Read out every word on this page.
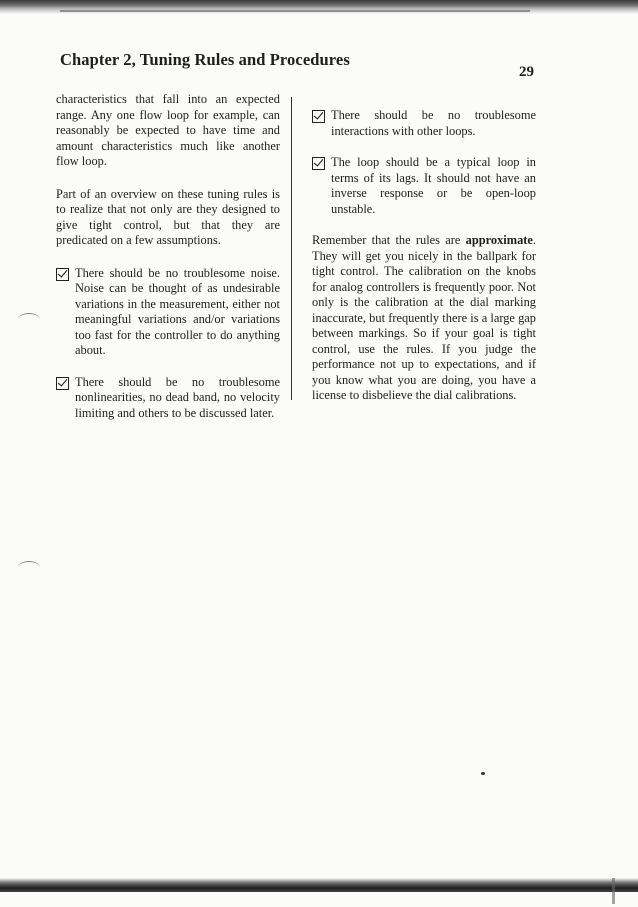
Chapter 2, Tuning Rules and Procedures
29

characteristics that fall into an expected range. Any one flow loop for example, can reasonably be expected to have time and amount characteristics much like another flow loop.

Part of an overview on these tuning rules is to realize that not only are they designed to give tight control, but that they are predicated on a few assumptions.

There should be no troublesome noise. Noise can be thought of as undesirable variations in the measurement, either not meaningful variations and/or variations too fast for the controller to do anything about.
There should be no troublesome nonlinearities, no dead band, no velocity limiting and others to be discussed later.
There should be no troublesome interactions with other loops.
The loop should be a typical loop in terms of its lags. It should not have an inverse response or be open-loop unstable.

Remember that the rules are approximate. They will get you nicely in the ballpark for tight control. The calibration on the knobs for analog controllers is frequently poor. Not only is the calibration at the dial marking inaccurate, but frequently there is a large gap between markings. So if your goal is tight control, use the rules. If you judge the performance not up to expectations, and if you know what you are doing, you have a license to disbelieve the dial calibrations.
